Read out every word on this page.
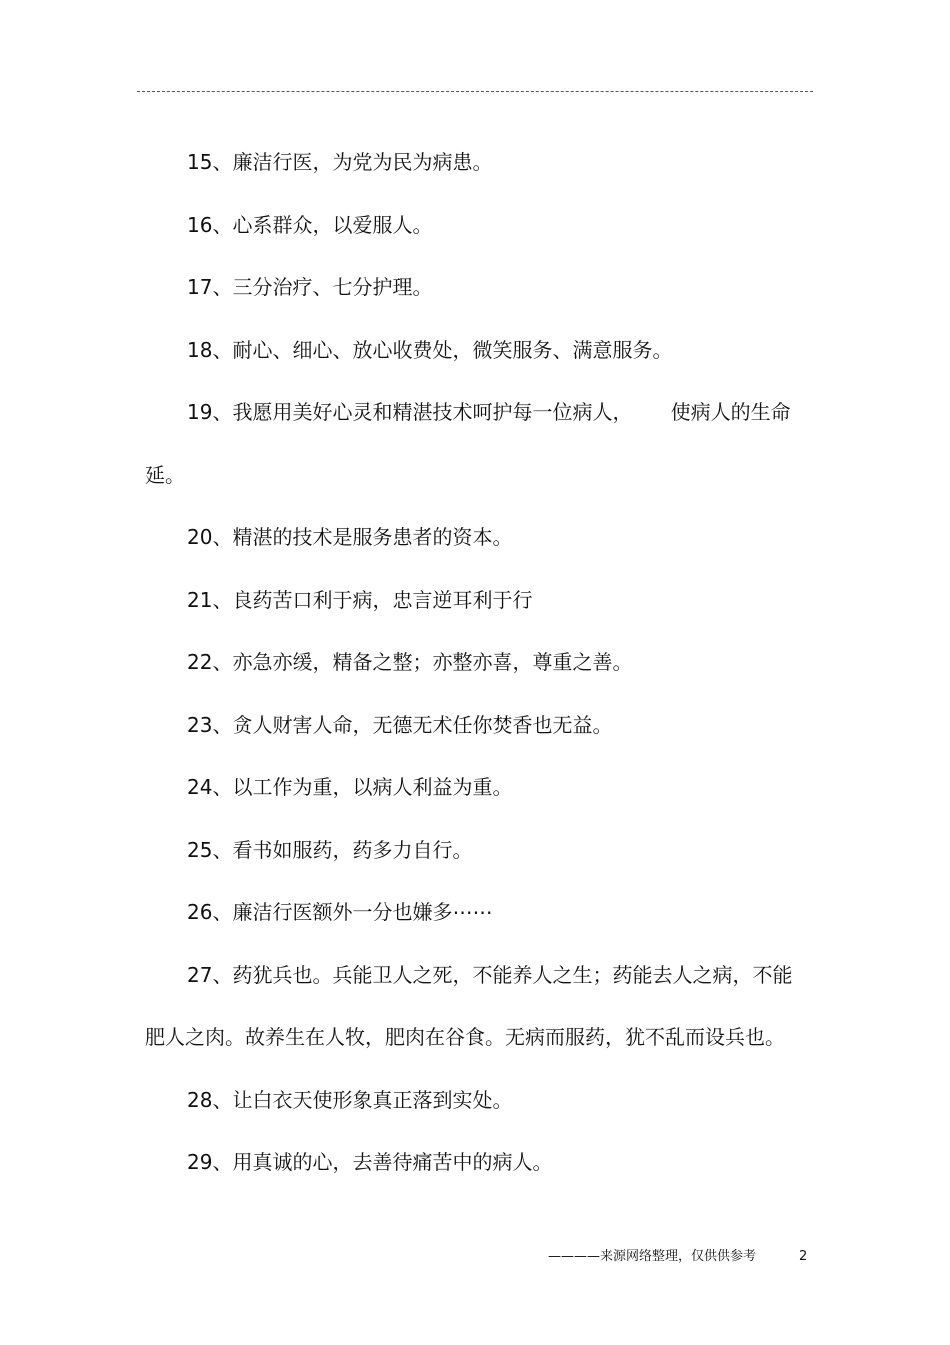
15、廉洁行医，为党为民为病患。

16、心系群众，以爱服人。

17、三分治疗、七分护理。

18、耐心、细心、放心收费处，微笑服务、满意服务。

19、我愿用美好心灵和精湛技术呵护每一位病人，      使病人的生命延。

20、精湛的技术是服务患者的资本。

21、良药苦口利于病，忠言逆耳利于行

22、亦急亦缓，精备之整；亦整亦喜，尊重之善。

23、贪人财害人命，无德无术任你焚香也无益。

24、以工作为重，以病人利益为重。

25、看书如服药，药多力自行。

26、廉洁行医额外一分也嫌多⋯⋯

27、药犹兵也。兵能卫人之死，不能养人之生；药能去人之病，不能肥人之肉。故养生在人牧，肥肉在谷食。无病而服药，犹不乱而设兵也。

28、让白衣天使形象真正落到实处。

29、用真诚的心，去善待痛苦中的病人。

————来源网络整理，仅供供参考	2
